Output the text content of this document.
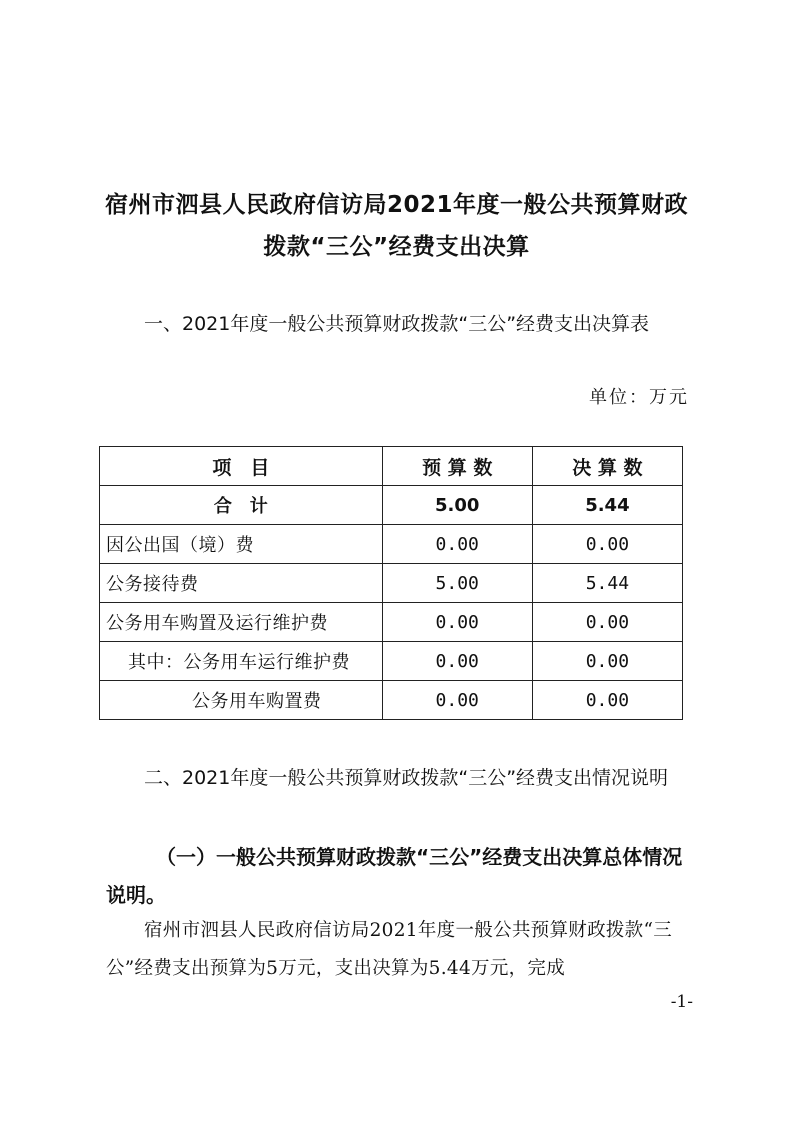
宿州市泗县人民政府信访局2021年度一般公共预算财政
拨款“三公”经费支出决算
一、2021年度一般公共预算财政拨款“三公”经费支出决算表
单位：万元
项　目	预 算 数	决 算 数
合　计	5.00	5.44
因公出国（境）费	0.00	0.00
公务接待费	5.00	5.44
公务用车购置及运行维护费	0.00	0.00
其中：公务用车运行维护费	0.00	0.00
公务用车购置费	0.00	0.00
二、2021年度一般公共预算财政拨款“三公”经费支出情况说明
（一）一般公共预算财政拨款“三公”经费支出决算总体情况说明。
宿州市泗县人民政府信访局2021年度一般公共预算财政拨款“三公”经费支出预算为5万元，支出决算为5.44万元，完成
-1-
